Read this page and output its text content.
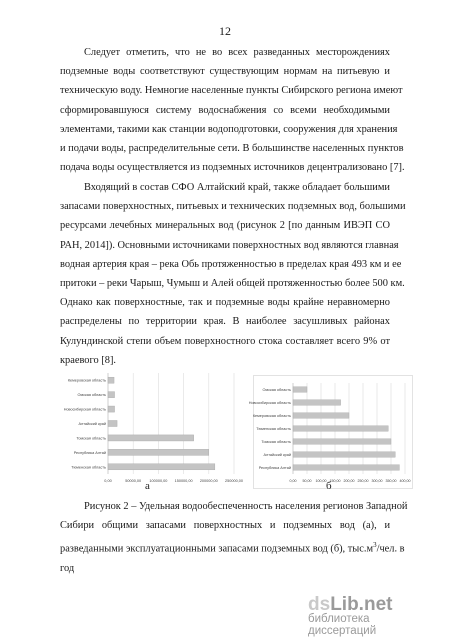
12
Следует отметить, что не во всех разведанных месторождениях
подземные воды соответствуют существующим нормам на питьевую и
техническую воду. Немногие населенные пункты Сибирского региона имеют
сформировавшуюся систему водоснабжения со всеми необходимыми
элементами, такими как станции водоподготовки, сооружения для хранения
и подачи воды, распределительные сети. В большинстве населенных пунктов
подача воды осуществляется из подземных источников децентрализовано [7].
Входящий в состав СФО Алтайский край, также обладает большими
запасами поверхностных, питьевых и технических подземных вод, большими
ресурсами лечебных минеральных вод (рисунок 2 [по данным ИВЭП СО
РАН, 2014]). Основными источниками поверхностных вод являются главная
водная артерия края – река Обь протяженностью в пределах края 493 км и ее
притоки – реки Чарыш, Чумыш и Алей общей протяженностью более 500 км.
Однако как поверхностные, так и подземные воды крайне неравномерно
распределены по территории края. В наиболее засушливых районах
Кулундинской степи объем поверхностного стока составляет всего 9% от
краевого [8].
0,00	50000,00 100000,00 150000,00 200000,00 250000,00
Кемеровская область
Омская область
Новосибирская область
Алтайский край
Томская область
Республика Алтай
Тюменская область
0,00 50,00 100,00 150,00 200,00 250,00 300,00 350,00 400,00
Омская область
Новосибирская область
Кемеровская область
Тюменская область
Томская область
Алтайский край
Республика Алтай
а	б
Рисунок 2 – Удельная водообеспеченность населения регионов Западной
Сибири общими запасами поверхностных и подземных вод (а), и
разведанными эксплуатационными запасами подземных вод (б), $тыс.м^3$/чел. в
год
dsLib.net
библиотека диссертаций
